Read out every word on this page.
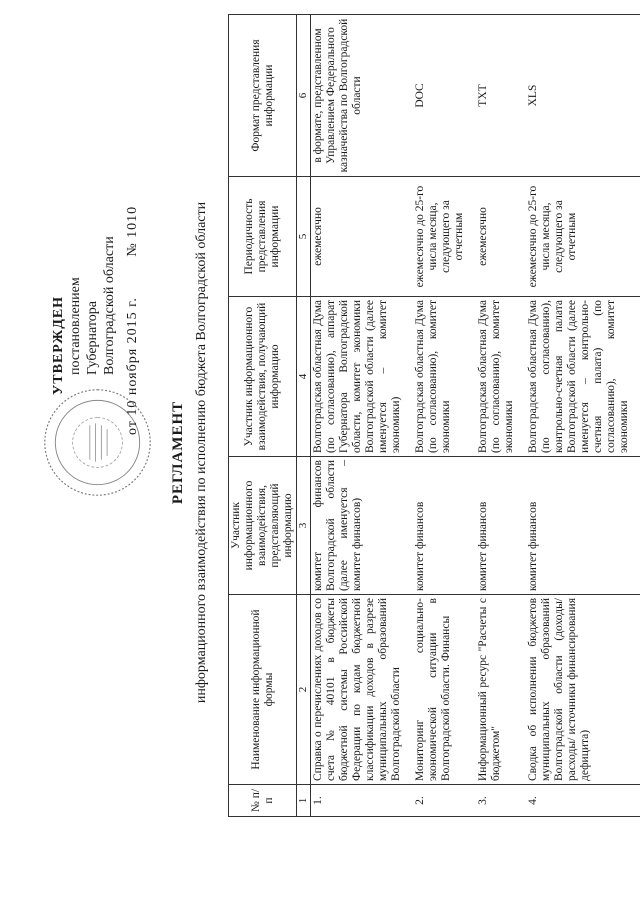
УТВЕРЖДЕН постановлением Губернатора Волгоградской области
от 10 ноября 2015 г. № 1010
РЕГЛАМЕНТ информационного взаимодействия по исполнению бюджета Волгоградской области
№ п/п	Наименование информационной формы	Участник информационного взаимодействия, представляющий информацию	Участник информационного взаимодействия, получающий информацию	Периодичность представления информации	Формат представления информации
1	2	3	4	5	6
1.	Справка о перечислениях доходов со счета № 40101 в бюджеты бюджетной системы Российской Федерации по кодам бюджетной классификации доходов в разрезе муниципальных образований Волгоградской области	комитет финансов Волгоградской области (далее именуется – комитет финансов)	Волгоградская областная Дума (по согласованию), аппарат Губернатора Волгоградской области, комитет экономики Волгоградской области (далее именуется – комитет экономики)	ежемесячно	в формате, представленном Управлением Федерального казначейства по Волгоградской области
2.	Мониторинг социально-экономической ситуации в Волгоградской области. Финансы	комитет финансов	Волгоградская областная Дума (по согласованию), комитет экономики	ежемесячно до 25-го числа месяца, следующего за отчетным	DOC
3.	Информационный ресурс "Расчеты с бюджетом"	комитет финансов	Волгоградская областная Дума (по согласованию), комитет экономики	ежемесячно	TXT
4.	Сводка об исполнении бюджетов муниципальных образований Волгоградской области (доходы/ расходы/ источники финансирования дефицита)	комитет финансов	Волгоградская областная Дума (по согласованию), контрольно-счетная палата Волгоградской области (далее именуется – контрольно-счетная палата) (по согласованию), комитет экономики	ежемесячно до 25-го числа месяца, следующего за отчетным	XLS
